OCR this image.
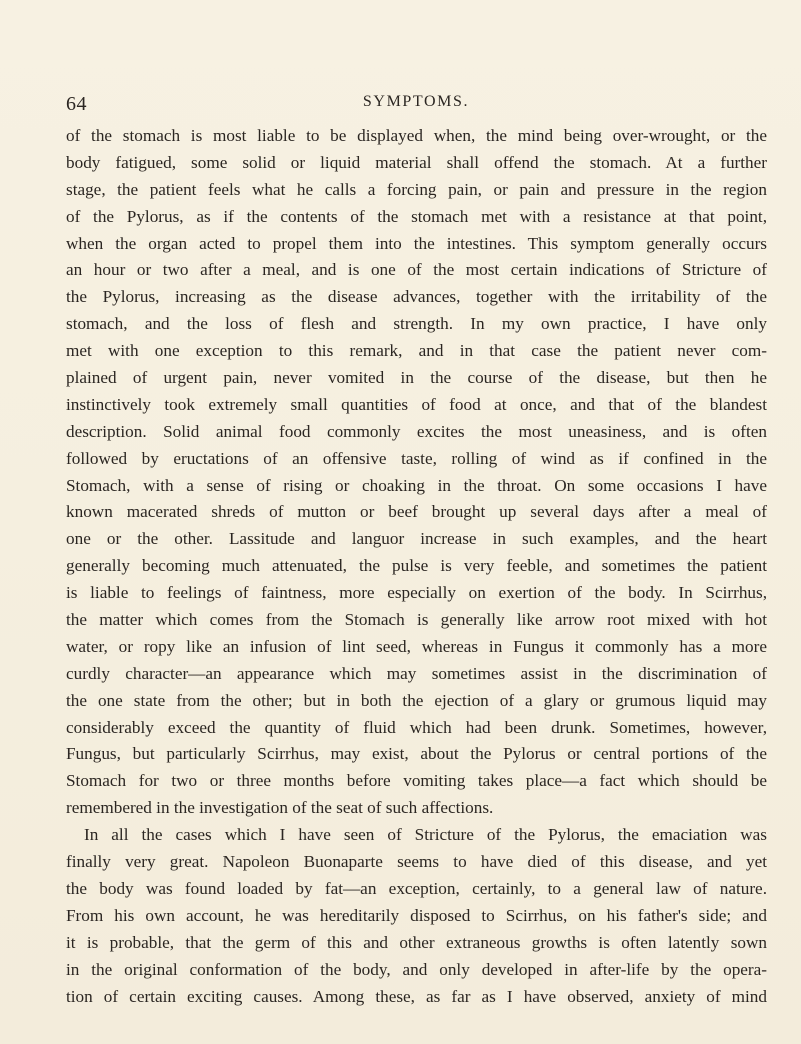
64	SYMPTOMS.
of the stomach is most liable to be displayed when, the mind being over-wrought, or the
body fatigued, some solid or liquid material shall offend the stomach. At a further
stage, the patient feels what he calls a forcing pain, or pain and pressure in the region
of the Pylorus, as if the contents of the stomach met with a resistance at that point,
when the organ acted to propel them into the intestines. This symptom generally occurs
an hour or two after a meal, and is one of the most certain indications of Stricture of
the Pylorus, increasing as the disease advances, together with the irritability of the
stomach, and the loss of flesh and strength. In my own practice, I have only
met with one exception to this remark, and in that case the patient never com-
plained of urgent pain, never vomited in the course of the disease, but then he
instinctively took extremely small quantities of food at once, and that of the blandest
description. Solid animal food commonly excites the most uneasiness, and is often
followed by eructations of an offensive taste, rolling of wind as if confined in the
Stomach, with a sense of rising or choaking in the throat. On some occasions I have
known macerated shreds of mutton or beef brought up several days after a meal of
one or the other. Lassitude and languor increase in such examples, and the heart
generally becoming much attenuated, the pulse is very feeble, and sometimes the patient
is liable to feelings of faintness, more especially on exertion of the body. In Scirrhus,
the matter which comes from the Stomach is generally like arrow root mixed with hot
water, or ropy like an infusion of lint seed, whereas in Fungus it commonly has a more
curdly character—an appearance which may sometimes assist in the discrimination of
the one state from the other; but in both the ejection of a glary or grumous liquid may
considerably exceed the quantity of fluid which had been drunk. Sometimes, however,
Fungus, but particularly Scirrhus, may exist, about the Pylorus or central portions of the
Stomach for two or three months before vomiting takes place—a fact which should be
remembered in the investigation of the seat of such affections.
In all the cases which I have seen of Stricture of the Pylorus, the emaciation was
finally very great. Napoleon Buonaparte seems to have died of this disease, and yet
the body was found loaded by fat—an exception, certainly, to a general law of nature.
From his own account, he was hereditarily disposed to Scirrhus, on his father's side; and
it is probable, that the germ of this and other extraneous growths is often latently sown
in the original conformation of the body, and only developed in after-life by the opera-
tion of certain exciting causes. Among these, as far as I have observed, anxiety of mind
